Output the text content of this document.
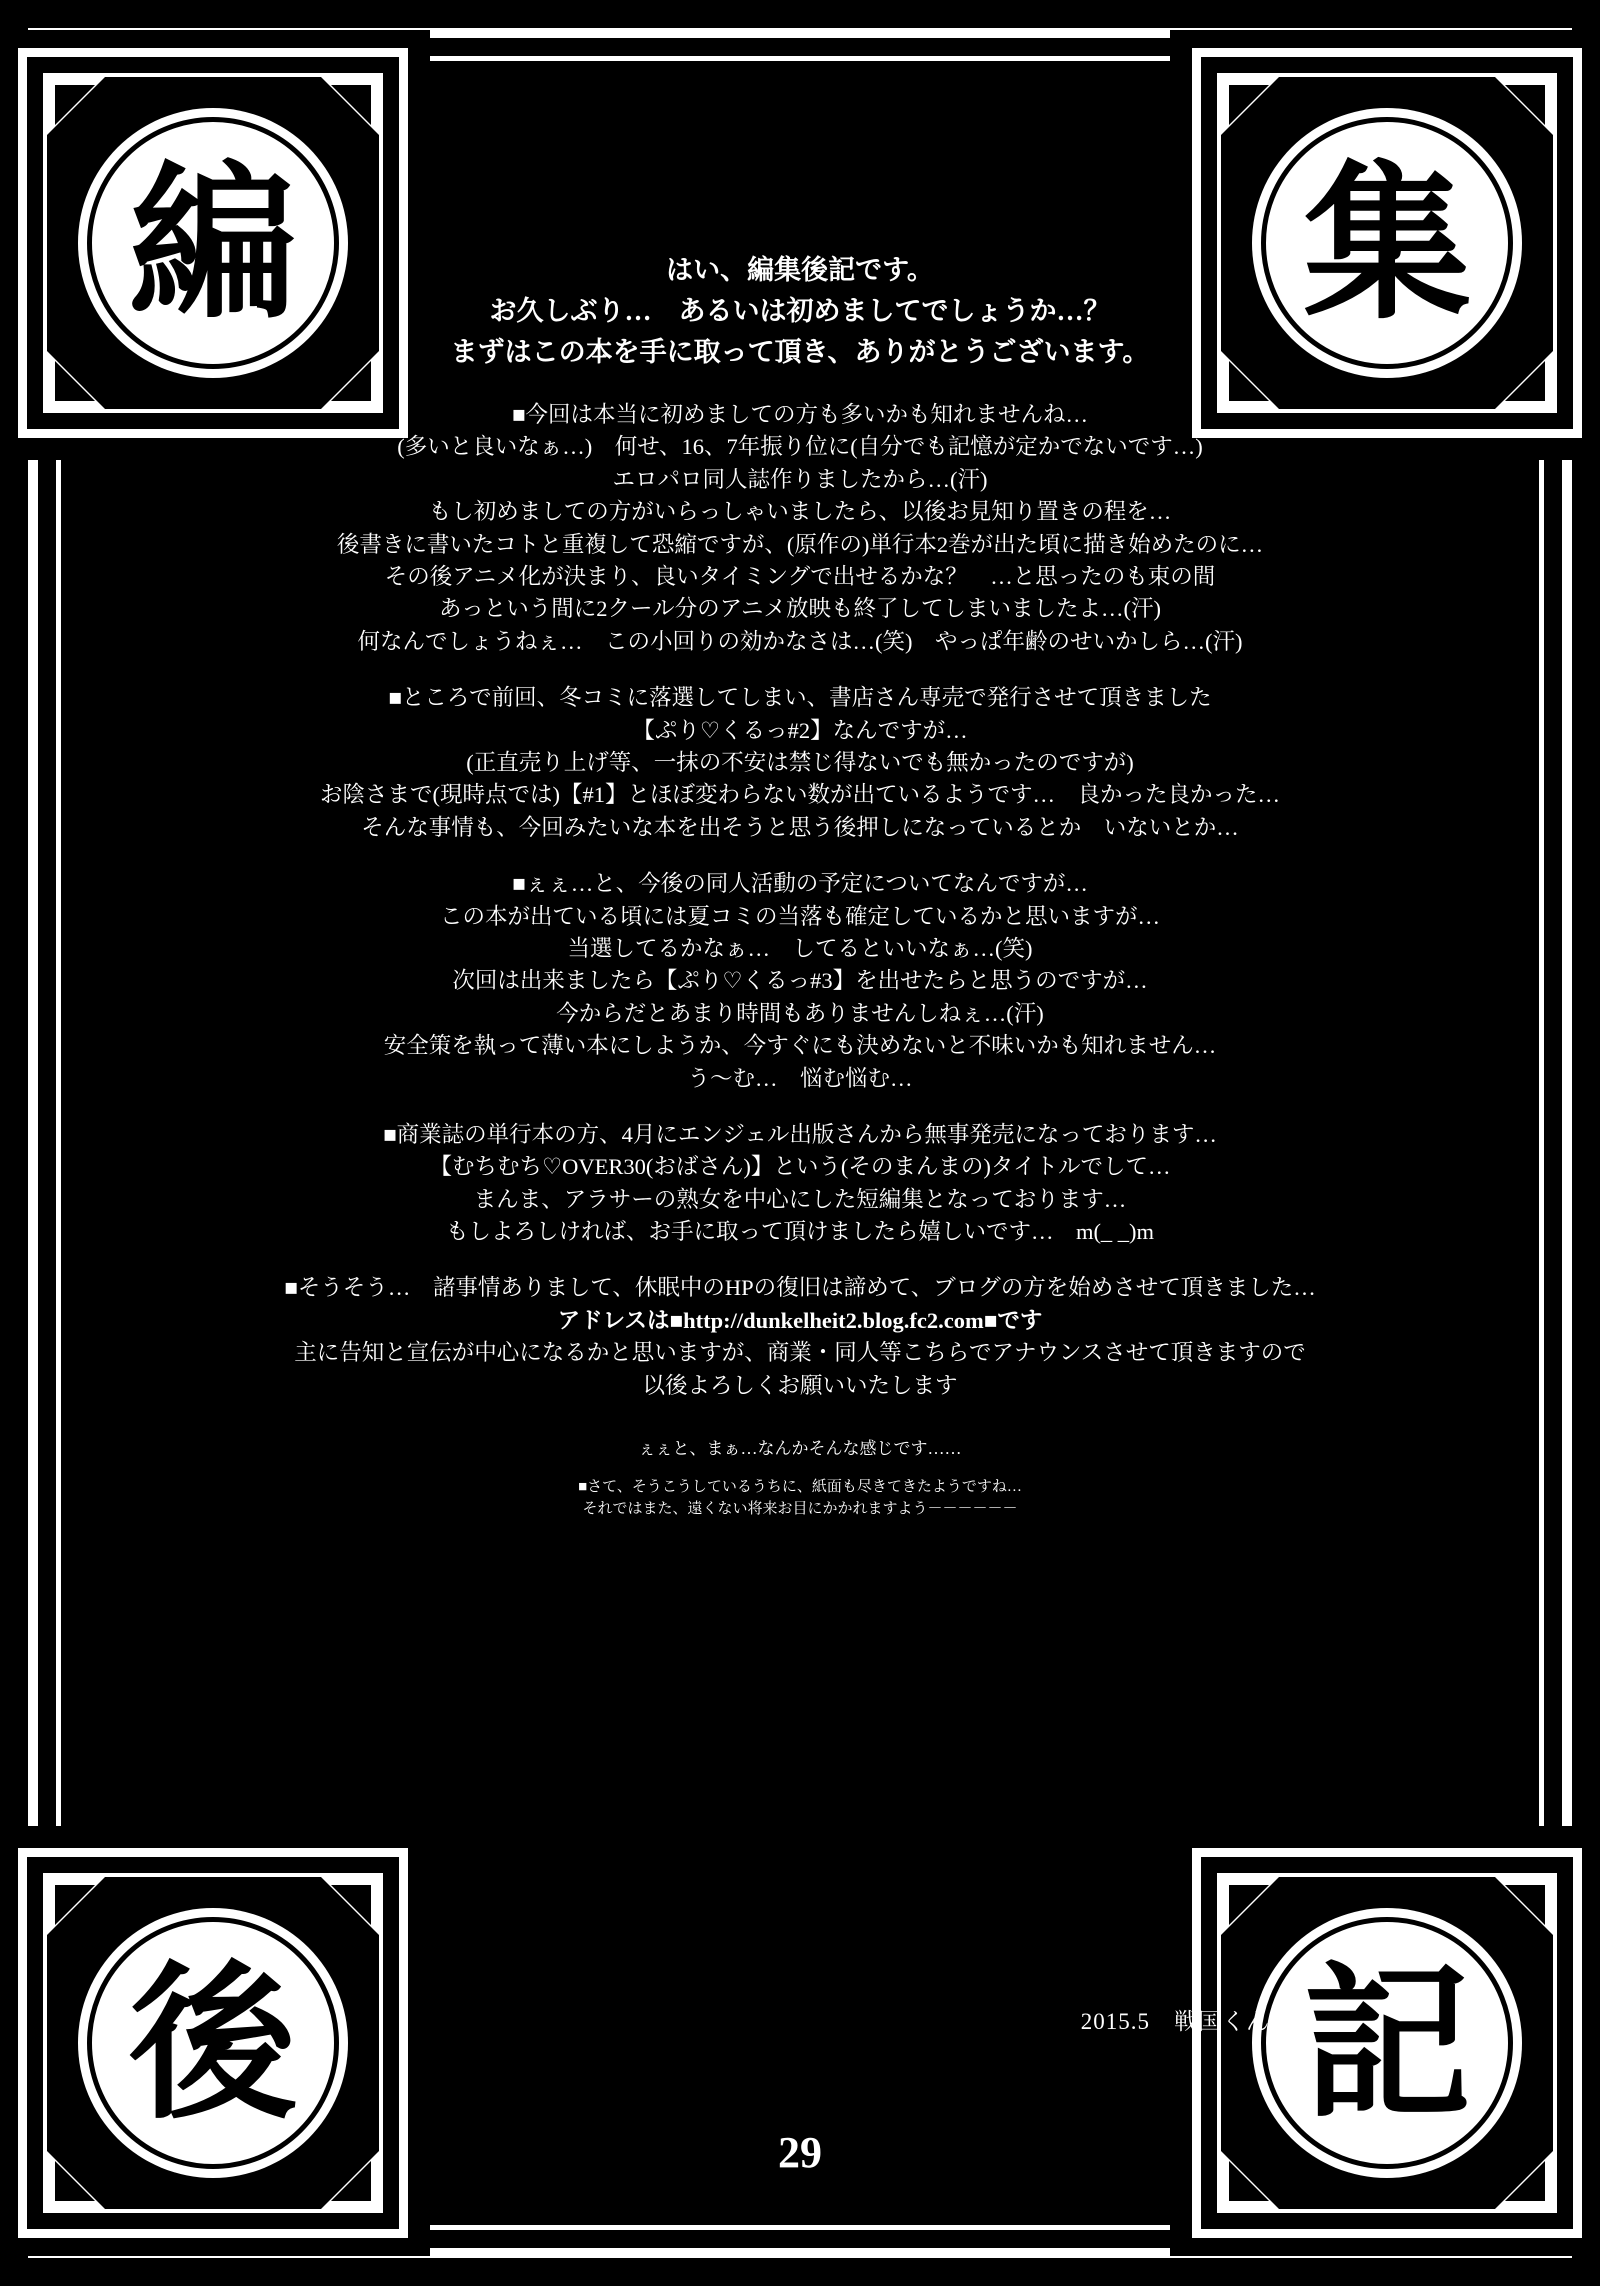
編	集
後	記
はい、編集後記です。
お久しぶり…　あるいは初めましてでしょうか…？
まずはこの本を手に取って頂き、ありがとうございます。
■今回は本当に初めましての方も多いかも知れませんね…
(多いと良いなぁ…)　何せ、16、7年振り位に(自分でも記憶が定かでないです…)
エロパロ同人誌作りましたから…(汗)
もし初めましての方がいらっしゃいましたら、以後お見知り置きの程を…
後書きに書いたコトと重複して恐縮ですが、(原作の)単行本2巻が出た頃に描き始めたのに…
その後アニメ化が決まり、良いタイミングで出せるかな？　…と思ったのも束の間
あっという間に2クール分のアニメ放映も終了してしまいましたよ…(汗)
何なんでしょうねぇ…　この小回りの効かなさは…(笑)　やっぱ年齢のせいかしら…(汗)
■ところで前回、冬コミに落選してしまい、書店さん専売で発行させて頂きました
【ぷり♡くるっ#2】なんですが…
(正直売り上げ等、一抹の不安は禁じ得ないでも無かったのですが)
お陰さまで(現時点では)【#1】とほぼ変わらない数が出ているようです…　良かった良かった…
そんな事情も、今回みたいな本を出そうと思う後押しになっているとか　いないとか…
■ぇぇ…と、今後の同人活動の予定についてなんですが…
この本が出ている頃には夏コミの当落も確定しているかと思いますが…
当選してるかなぁ…　してるといいなぁ…(笑)
次回は出来ましたら【ぷり♡くるっ#3】を出せたらと思うのですが…
今からだとあまり時間もありませんしねぇ…(汗)
安全策を執って薄い本にしようか、今すぐにも決めないと不味いかも知れません…
う〜む…　悩む悩む…
■商業誌の単行本の方、4月にエンジェル出版さんから無事発売になっております…
【むちむち♡OVER30(おばさん)】という(そのまんまの)タイトルでして…
まんま、アラサーの熟女を中心にした短編集となっております…
もしよろしければ、お手に取って頂けましたら嬉しいです…　m(_ _)m
■そうそう…　諸事情ありまして、休眠中のHPの復旧は諦めて、ブログの方を始めさせて頂きました…
アドレスは■http://dunkelheit2.blog.fc2.com■です
主に告知と宣伝が中心になるかと思いますが、商業・同人等こちらでアナウンスさせて頂きますので
以後よろしくお願いいたします
ぇぇと、まぁ…なんかそんな感じです……
■さて、そうこうしているうちに、紙面も尽きてきたようですね…
それではまた、遠くない将来お目にかかれますよう－－－－－－
2015.5　戦国くん
29
